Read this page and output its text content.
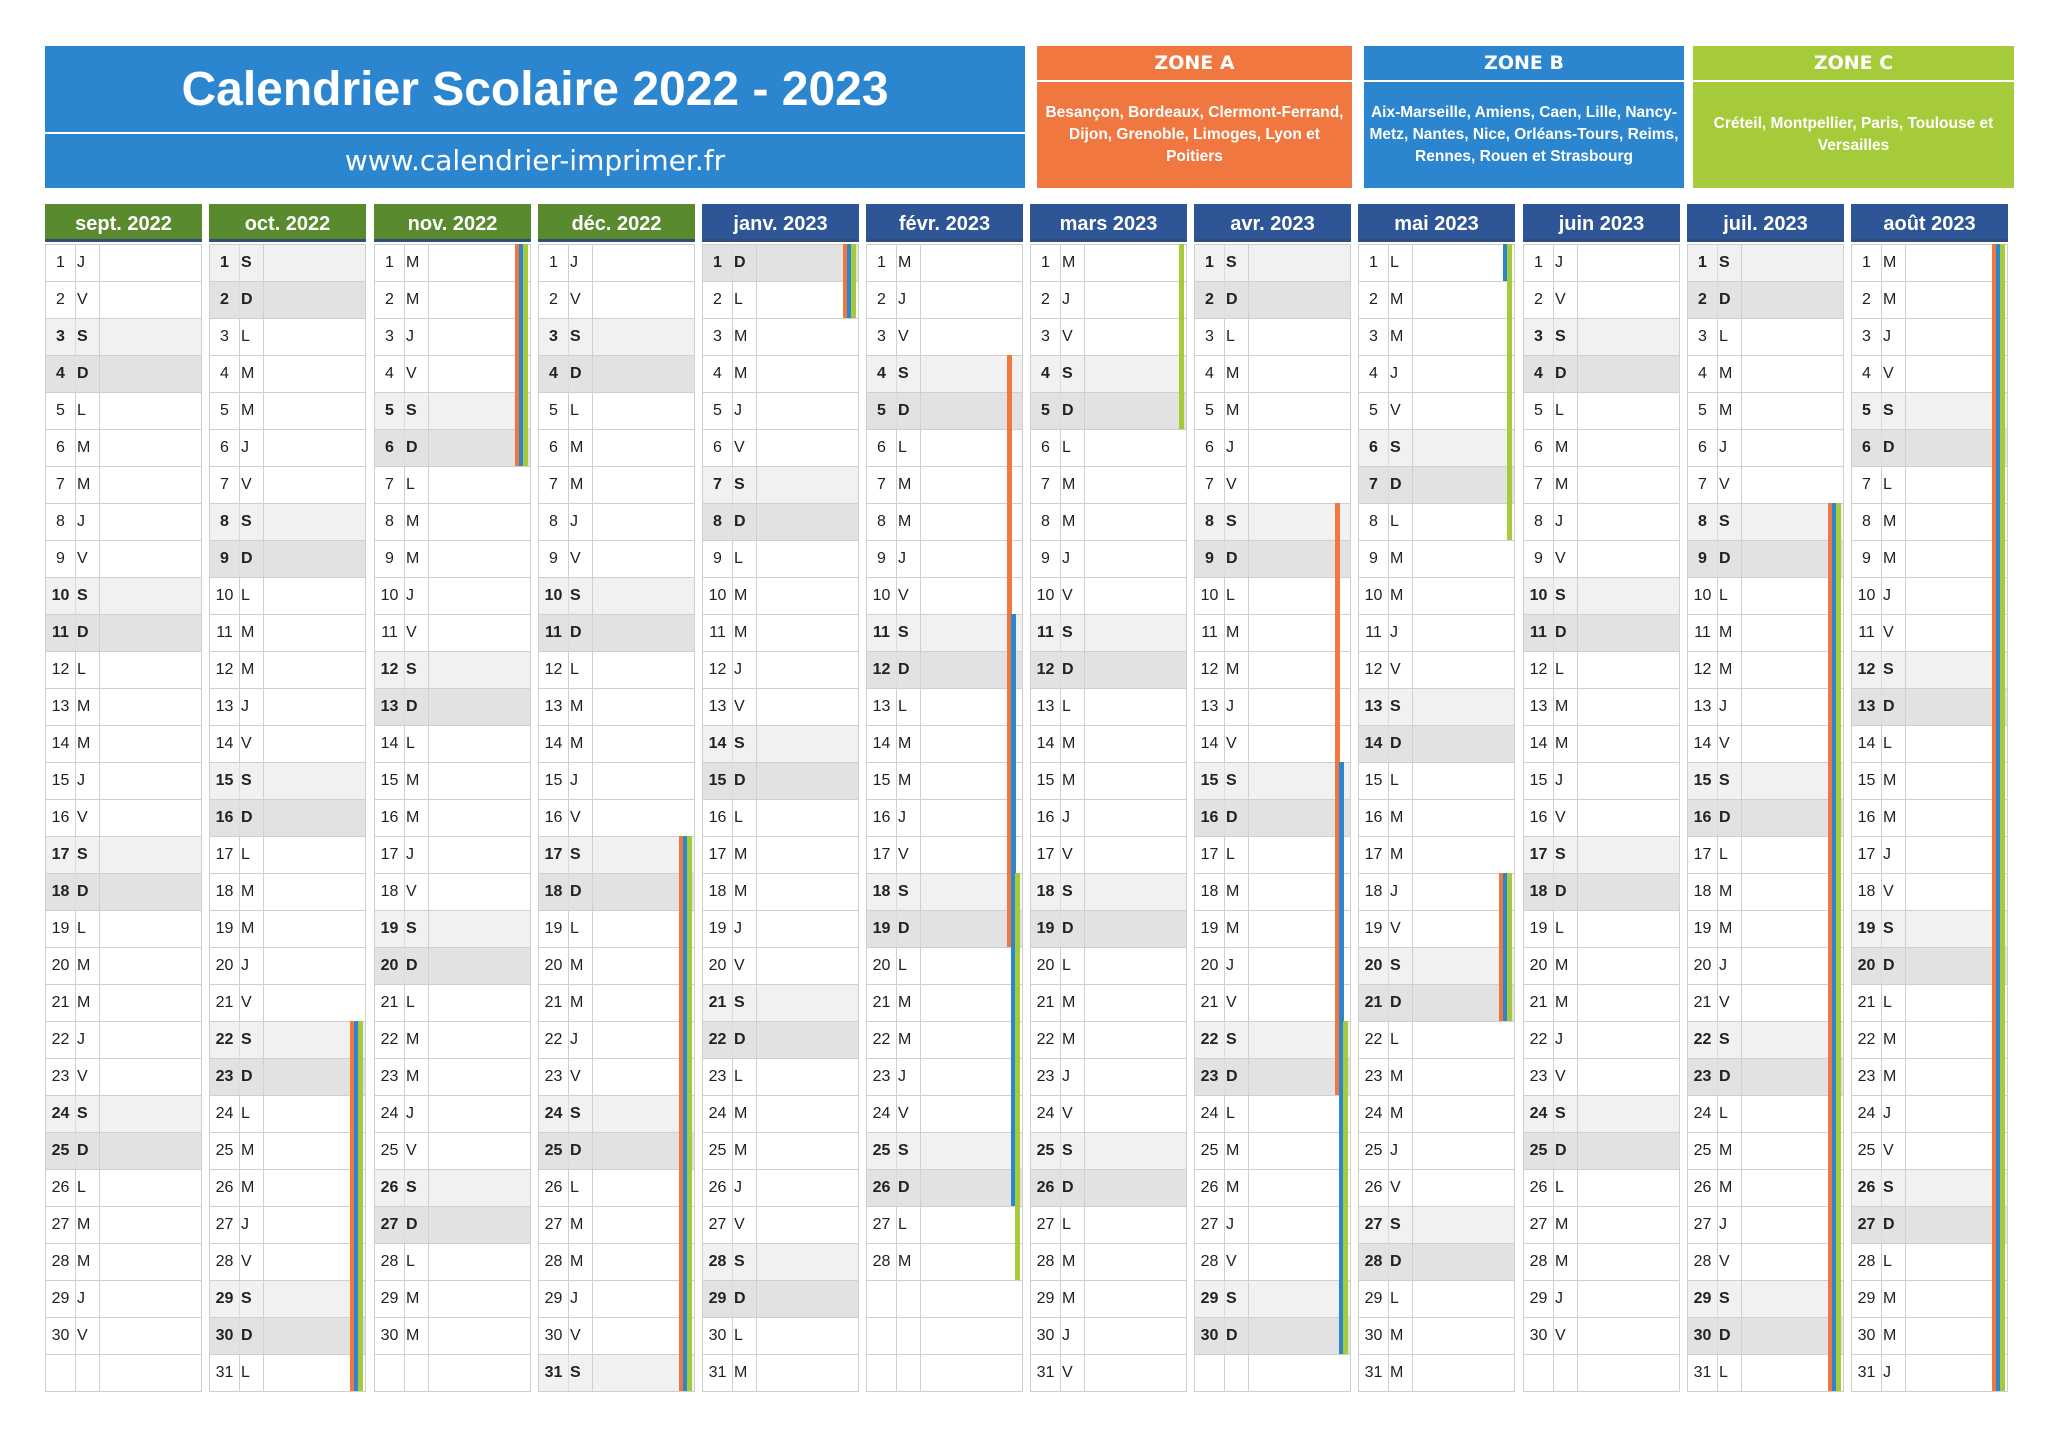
Calendrier Scolaire 2022 - 2023
www.calendrier-imprimer.fr
ZONE A
Besançon, Bordeaux, Clermont-Ferrand, Dijon, Grenoble, Limoges, Lyon et Poitiers
ZONE B
Aix-Marseille, Amiens, Caen, Lille, Nancy-Metz, Nantes, Nice, Orléans-Tours, Reims, Rennes, Rouen et Strasbourg
ZONE C
Créteil, Montpellier, Paris, Toulouse et Versailles
sept. 2022
1 J
2 V
3 S
4 D
5 L
6 M
7 M
8 J
9 V
10 S
11 D
12 L
13 M
14 M
15 J
16 V
17 S
18 D
19 L
20 M
21 M
22 J
23 V
24 S
25 D
26 L
27 M
28 M
29 J
30 V
oct. 2022
1 S
2 D
3 L
4 M
5 M
6 J
7 V
8 S
9 D
10 L
11 M
12 M
13 J
14 V
15 S
16 D
17 L
18 M
19 M
20 J
21 V
22 S
23 D
24 L
25 M
26 M
27 J
28 V
29 S
30 D
31 L
nov. 2022
1 M
2 M
3 J
4 V
5 S
6 D
7 L
8 M
9 M
10 J
11 V
12 S
13 D
14 L
15 M
16 M
17 J
18 V
19 S
20 D
21 L
22 M
23 M
24 J
25 V
26 S
27 D
28 L
29 M
30 M
déc. 2022
1 J
2 V
3 S
4 D
5 L
6 M
7 M
8 J
9 V
10 S
11 D
12 L
13 M
14 M
15 J
16 V
17 S
18 D
19 L
20 M
21 M
22 J
23 V
24 S
25 D
26 L
27 M
28 M
29 J
30 V
31 S
janv. 2023
1 D
2 L
3 M
4 M
5 J
6 V
7 S
8 D
9 L
10 M
11 M
12 J
13 V
14 S
15 D
16 L
17 M
18 M
19 J
20 V
21 S
22 D
23 L
24 M
25 M
26 J
27 V
28 S
29 D
30 L
31 M
févr. 2023
1 M
2 J
3 V
4 S
5 D
6 L
7 M
8 M
9 J
10 V
11 S
12 D
13 L
14 M
15 M
16 J
17 V
18 S
19 D
20 L
21 M
22 M
23 J
24 V
25 S
26 D
27 L
28 M
mars 2023
1 M
2 J
3 V
4 S
5 D
6 L
7 M
8 M
9 J
10 V
11 S
12 D
13 L
14 M
15 M
16 J
17 V
18 S
19 D
20 L
21 M
22 M
23 J
24 V
25 S
26 D
27 L
28 M
29 M
30 J
31 V
avr. 2023
1 S
2 D
3 L
4 M
5 M
6 J
7 V
8 S
9 D
10 L
11 M
12 M
13 J
14 V
15 S
16 D
17 L
18 M
19 M
20 J
21 V
22 S
23 D
24 L
25 M
26 M
27 J
28 V
29 S
30 D
mai 2023
1 L
2 M
3 M
4 J
5 V
6 S
7 D
8 L
9 M
10 M
11 J
12 V
13 S
14 D
15 L
16 M
17 M
18 J
19 V
20 S
21 D
22 L
23 M
24 M
25 J
26 V
27 S
28 D
29 L
30 M
31 M
juin 2023
1 J
2 V
3 S
4 D
5 L
6 M
7 M
8 J
9 V
10 S
11 D
12 L
13 M
14 M
15 J
16 V
17 S
18 D
19 L
20 M
21 M
22 J
23 V
24 S
25 D
26 L
27 M
28 M
29 J
30 V
juil. 2023
1 S
2 D
3 L
4 M
5 M
6 J
7 V
8 S
9 D
10 L
11 M
12 M
13 J
14 V
15 S
16 D
17 L
18 M
19 M
20 J
21 V
22 S
23 D
24 L
25 M
26 M
27 J
28 V
29 S
30 D
31 L
août 2023
1 M
2 M
3 J
4 V
5 S
6 D
7 L
8 M
9 M
10 J
11 V
12 S
13 D
14 L
15 M
16 M
17 J
18 V
19 S
20 D
21 L
22 M
23 M
24 J
25 V
26 S
27 D
28 L
29 M
30 M
31 J
